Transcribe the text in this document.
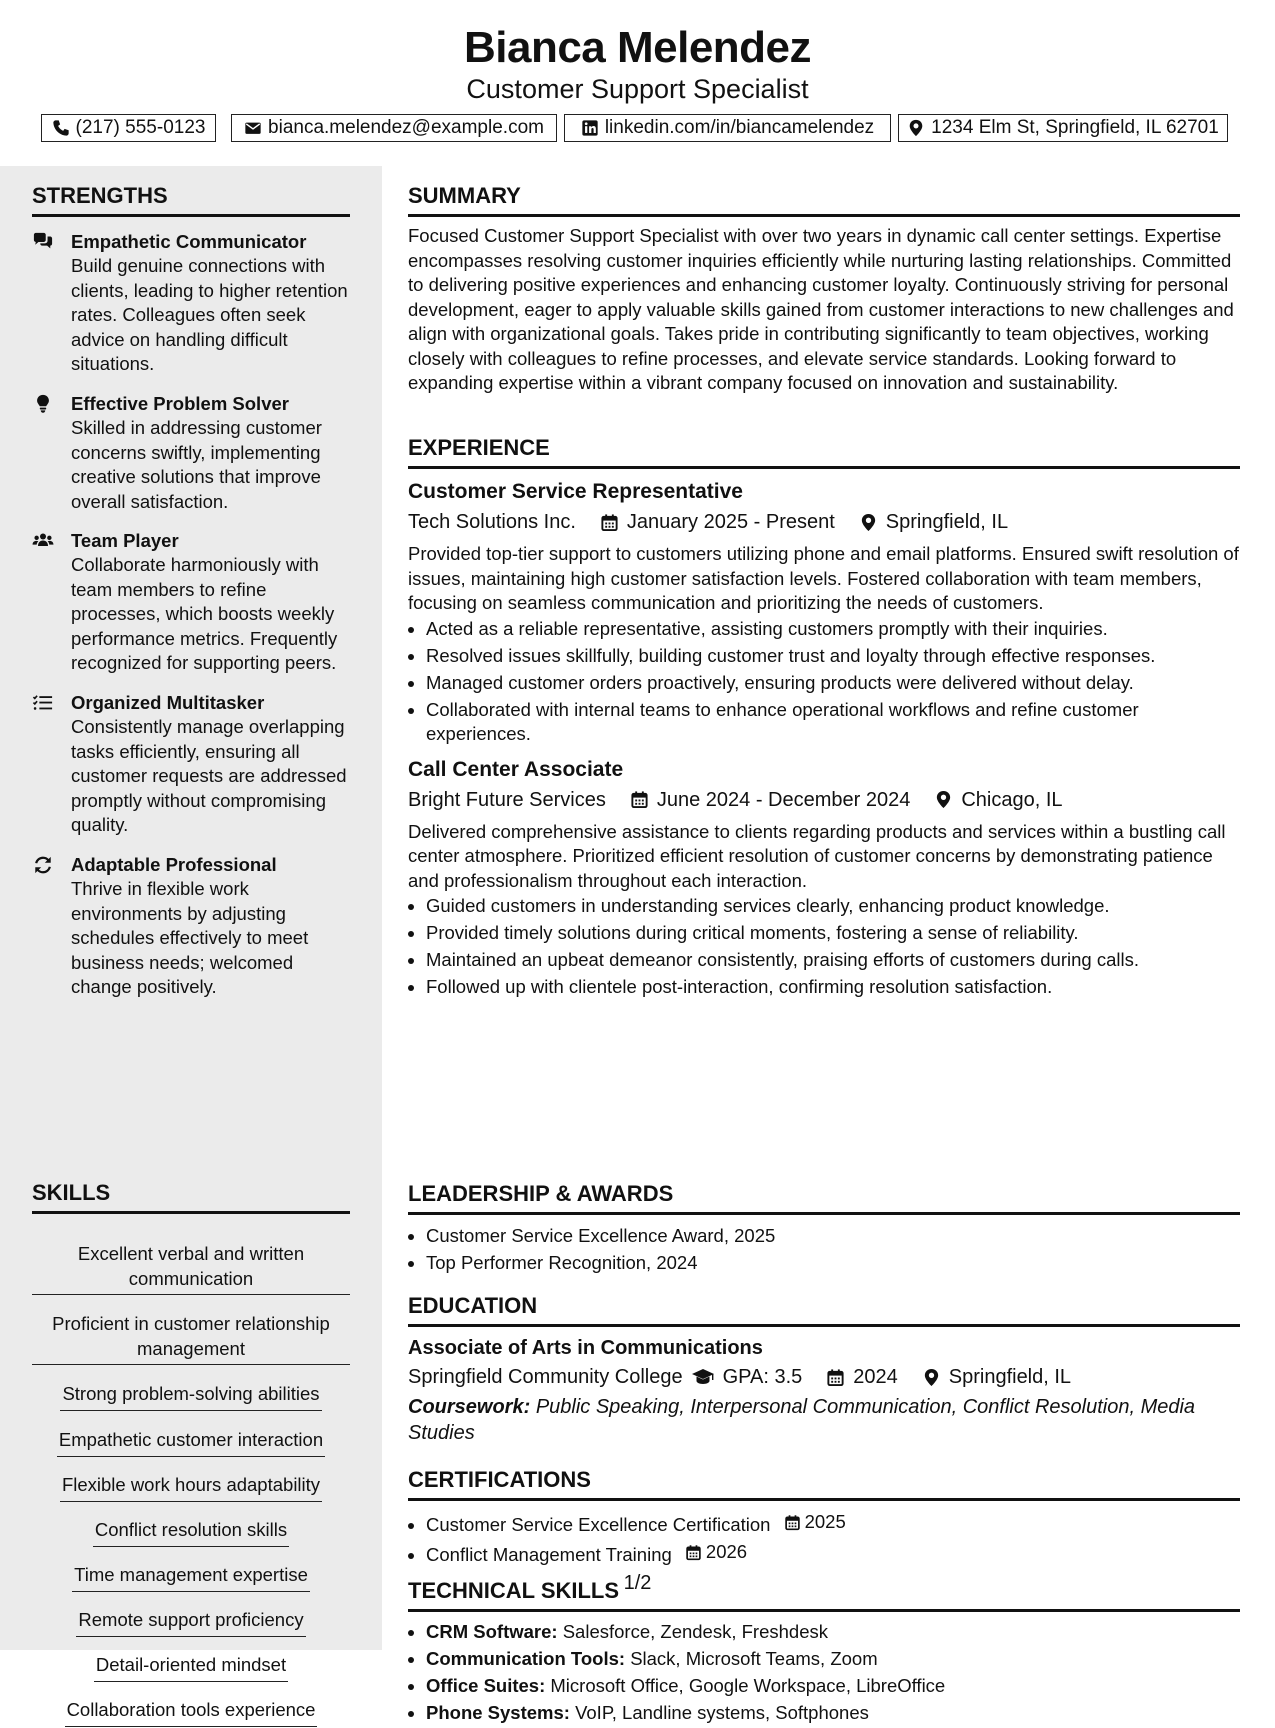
Bianca Melendez
Customer Support Specialist
(217) 555-0123	bianca.melendez@example.com	linkedin.com/in/biancamelendez	1234 Elm St, Springfield, IL 62701
STRENGTHS
Empathetic Communicator
Build genuine connections with clients, leading to higher retention rates. Colleagues often seek advice on handling difficult situations.
Effective Problem Solver
Skilled in addressing customer concerns swiftly, implementing creative solutions that improve overall satisfaction.
Team Player
Collaborate harmoniously with team members to refine processes, which boosts weekly performance metrics. Frequently recognized for supporting peers.
Organized Multitasker
Consistently manage overlapping tasks efficiently, ensuring all customer requests are addressed promptly without compromising quality.
Adaptable Professional
Thrive in flexible work environments by adjusting schedules effectively to meet business needs; welcomed change positively.
SKILLS
Excellent verbal and written communication
Proficient in customer relationship management
Strong problem-solving abilities
Empathetic customer interaction
Flexible work hours adaptability
Conflict resolution skills
Time management expertise
Remote support proficiency
Detail-oriented mindset
Collaboration tools experience
SUMMARY

Focused Customer Support Specialist with over two years in dynamic call center settings. Expertise encompasses resolving customer inquiries efficiently while nurturing lasting relationships. Committed to delivering positive experiences and enhancing customer loyalty. Continuously striving for personal development, eager to apply valuable skills gained from customer interactions to new challenges and align with organizational goals. Takes pride in contributing significantly to team objectives, working closely with colleagues to refine processes, and elevate service standards. Looking forward to expanding expertise within a vibrant company focused on innovation and sustainability.

EXPERIENCE
Customer Service Representative
Tech Solutions Inc.	January 2025 - Present	Springfield, IL

Provided top-tier support to customers utilizing phone and email platforms. Ensured swift resolution of issues, maintaining high customer satisfaction levels. Fostered collaboration with team members, focusing on seamless communication and prioritizing the needs of customers.

• Acted as a reliable representative, assisting customers promptly with their inquiries.
• Resolved issues skillfully, building customer trust and loyalty through effective responses.
• Managed customer orders proactively, ensuring products were delivered without delay.
• Collaborated with internal teams to enhance operational workflows and refine customer experiences.
Call Center Associate
Bright Future Services	June 2024 - December 2024	Chicago, IL

Delivered comprehensive assistance to clients regarding products and services within a bustling call center atmosphere. Prioritized efficient resolution of customer concerns by demonstrating patience and professionalism throughout each interaction.

• Guided customers in understanding services clearly, enhancing product knowledge.
• Provided timely solutions during critical moments, fostering a sense of reliability.
• Maintained an upbeat demeanor consistently, praising efforts of customers during calls.
• Followed up with clientele post-interaction, confirming resolution satisfaction.
LEADERSHIP & AWARDS
• Customer Service Excellence Award, 2025
• Top Performer Recognition, 2024
EDUCATION
Associate of Arts in Communications
Springfield Community College GPA: 3.5	2024	Springfield, IL
Coursework: Public Speaking, Interpersonal Communication, Conflict Resolution, Media Studies
CERTIFICATIONS
• Customer Service Excellence Certification 2025
• Conflict Management Training 2026
TECHNICAL SKILLS
• CRM Software: Salesforce, Zendesk, Freshdesk
• Communication Tools: Slack, Microsoft Teams, Zoom
• Office Suites: Microsoft Office, Google Workspace, LibreOffice
• Phone Systems: VoIP, Landline systems, Softphones
1/2
